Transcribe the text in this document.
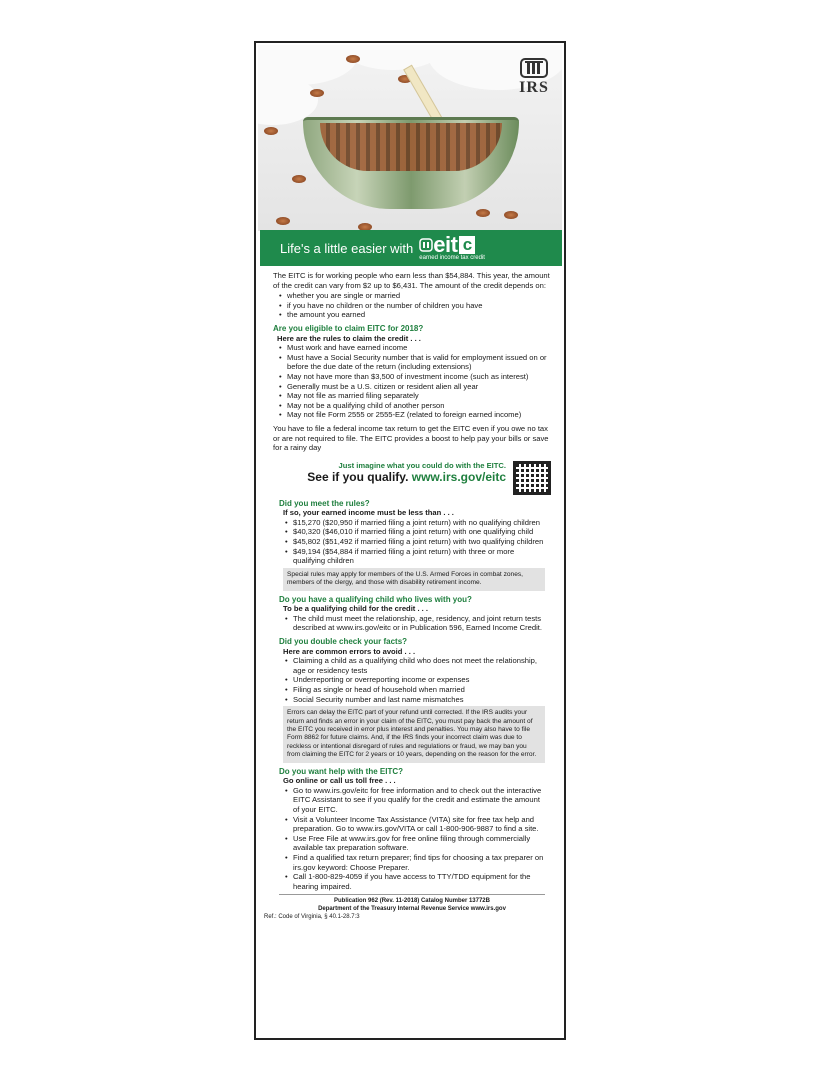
IRS
Life's a little easier with eit c
earned income tax credit

The EITC is for working people who earn less than $54,884. This year, the amount of the credit can vary from $2 up to $6,431. The amount of the credit depends on:

• whether you are single or married
• if you have no children or the number of children you have
• the amount you earned
Are you eligible to claim EITC for 2018?
Here are the rules to claim the credit . . .
• Must work and have earned income
• Must have a Social Security number that is valid for employment issued on or before the due date of the return (including extensions)
• May not have more than $3,500 of investment income (such as interest)
• Generally must be a U.S. citizen or resident alien all year
• May not file as married filing separately
• May not be a qualifying child of another person
• May not file Form 2555 or 2555-EZ (related to foreign earned income)

You have to file a federal income tax return to get the EITC even if you owe no tax or are not required to file. The EITC provides a boost to help pay your bills or save for a rainy day

Just imagine what you could do with the EITC.
See if you qualify. www.irs.gov/eitc
Did you meet the rules?
If so, your earned income must be less than . . .
• $15,270 ($20,950 if married filing a joint return) with no qualifying children
• $40,320 ($46,010 if married filing a joint return) with one qualifying child
• $45,802 ($51,492 if married filing a joint return) with two qualifying children
• $49,194 ($54,884 if married filing a joint return) with three or more qualifying children
Special rules may apply for members of the U.S. Armed Forces in combat zones, members of the clergy, and those with disability retirement income.
Do you have a qualifying child who lives with you?
To be a qualifying child for the credit . . .
• The child must meet the relationship, age, residency, and joint return tests described at www.irs.gov/eitc or in Publication 596, Earned Income Credit.
Did you double check your facts?
Here are common errors to avoid . . .
• Claiming a child as a qualifying child who does not meet the relationship, age or residency tests
• Underreporting or overreporting income or expenses
• Filing as single or head of household when married
• Social Security number and last name mismatches
Errors can delay the EITC part of your refund until corrected. If the IRS audits your return and finds an error in your claim of the EITC, you must pay back the amount of the EITC you received in error plus interest and penalties. You may also have to file Form 8862 for future claims. And, if the IRS finds your incorrect claim was due to reckless or intentional disregard of rules and regulations or fraud, we may ban you from claiming the EITC for 2 years or 10 years, depending on the reason for the error.
Do you want help with the EITC?
Go online or call us toll free . . .
• Go to www.irs.gov/eitc for free information and to check out the interactive EITC Assistant to see if you qualify for the credit and estimate the amount of your EITC.
• Visit a Volunteer Income Tax Assistance (VITA) site for free tax help and preparation. Go to www.irs.gov/VITA or call 1-800-906-9887 to find a site.
• Use Free File at www.irs.gov for free online filing through commercially available tax preparation software.
• Find a qualified tax return preparer; find tips for choosing a tax preparer on irs.gov keyword: Choose Preparer.
• Call 1-800-829-4059 if you have access to TTY/TDD equipment for the hearing impaired.
Publication 962 (Rev. 11-2018) Catalog Number 13772B
Department of the Treasury Internal Revenue Service www.irs.gov
Ref.: Code of Virginia, § 40.1-28.7:3
